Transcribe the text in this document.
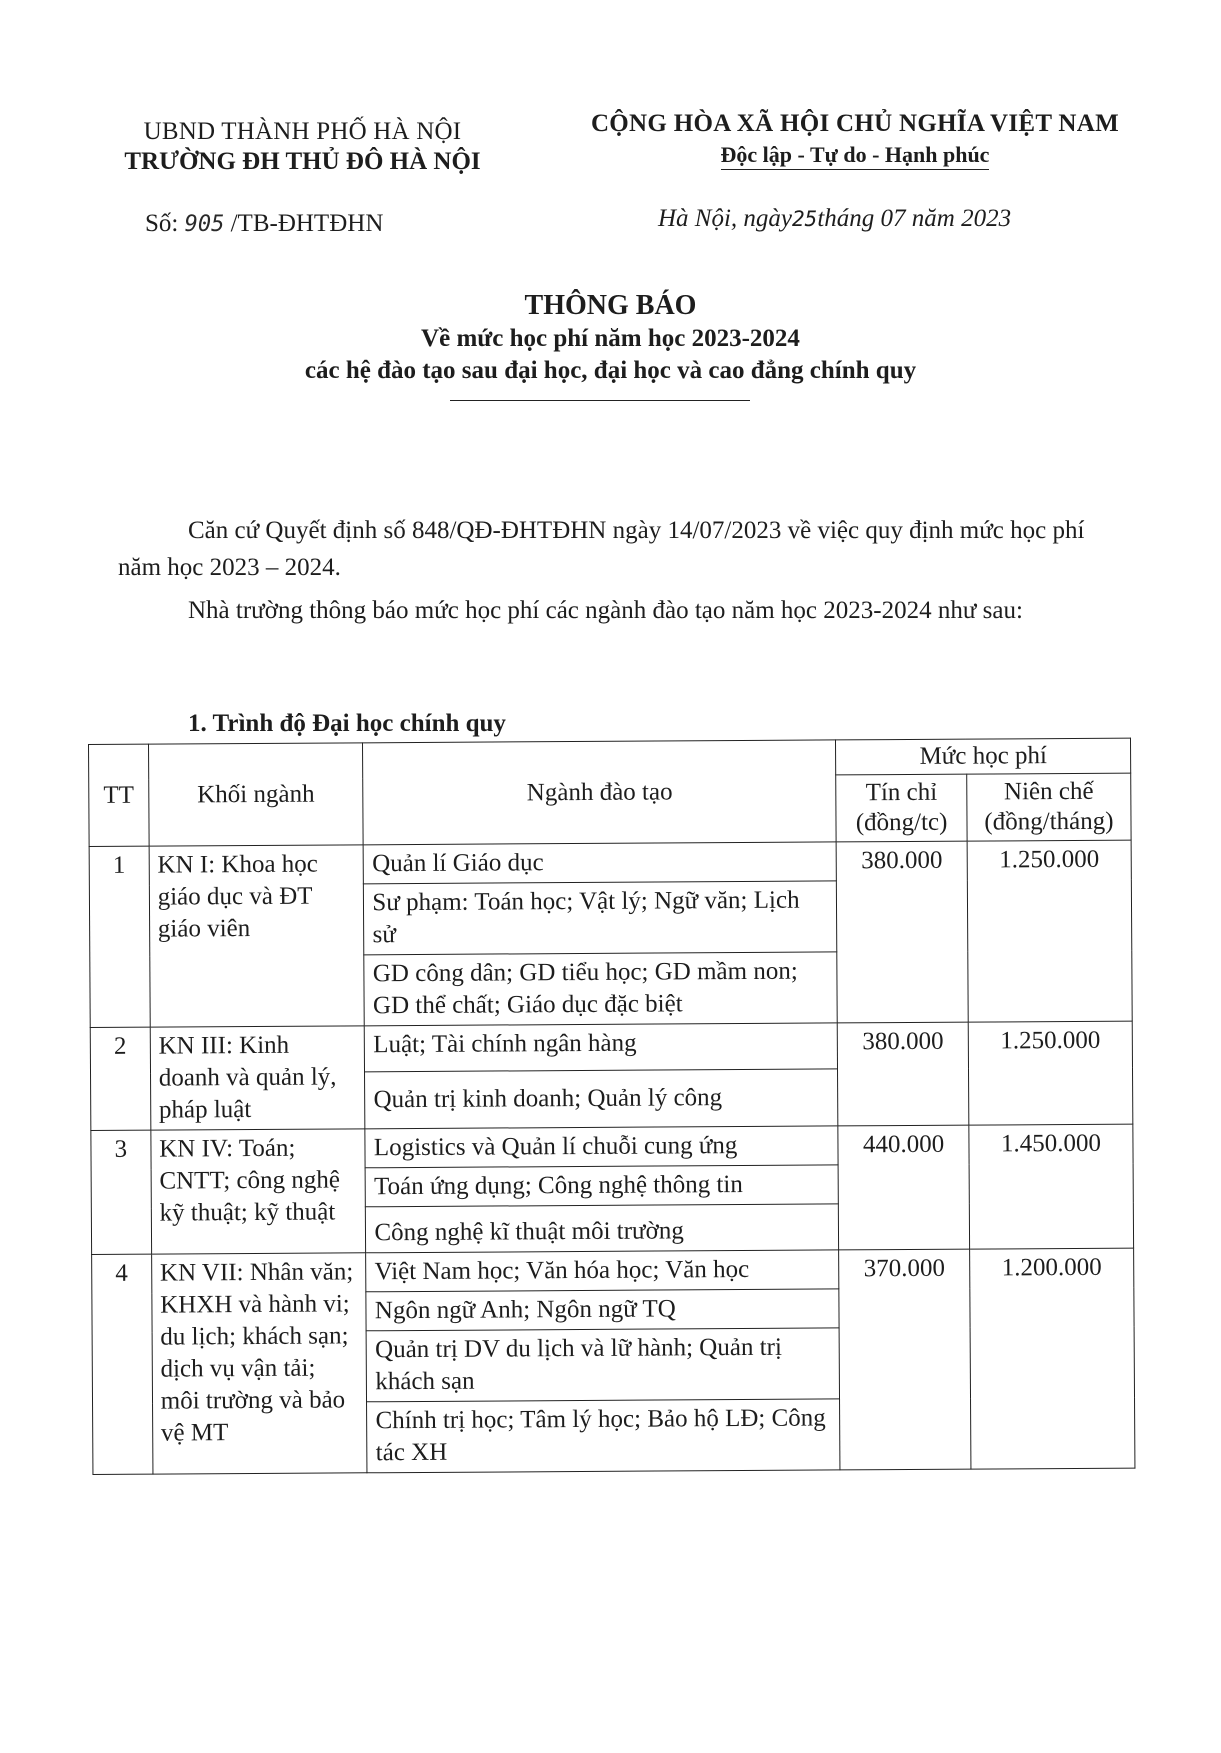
UBND THÀNH PHỐ HÀ NỘI
TRƯỜNG ĐH THỦ ĐÔ HÀ NỘI
CỘNG HÒA XÃ HỘI CHỦ NGHĨA VIỆT NAM
Độc lập - Tự do - Hạnh phúc
Số: 905 /TB-ĐHTĐHN	Hà Nội, ngày25tháng 07 năm 2023
THÔNG BÁO
Về mức học phí năm học 2023-2024
các hệ đào tạo sau đại học, đại học và cao đẳng chính quy
Căn cứ Quyết định số 848/QĐ-ĐHTĐHN ngày 14/07/2023 về việc quy định mức học phí năm học 2023 – 2024.
Nhà trường thông báo mức học phí các ngành đào tạo năm học 2023-2024 như sau:
1. Trình độ Đại học chính quy
TT	Khối ngành	Ngành đào tạo	Mức học phí	
			Tín chỉ (đồng/tc)	Niên chế (đồng/tháng)
1	KN I: Khoa học giáo dục và ĐT giáo viên	Quản lí Giáo dục	380.000	1.250.000
		Sư phạm: Toán học; Vật lý; Ngữ văn; Lịch sử		
		GD công dân; GD tiểu học; GD mầm non; GD thể chất; Giáo dục đặc biệt		
2	KN III: Kinh doanh và quản lý, pháp luật	Luật; Tài chính ngân hàng	380.000	1.250.000
		Quản trị kinh doanh; Quản lý công		
3	KN IV: Toán; CNTT; công nghệ kỹ thuật; kỹ thuật	Logistics và Quản lí chuỗi cung ứng	440.000	1.450.000
		Toán ứng dụng; Công nghệ thông tin		
		Công nghệ kĩ thuật môi trường		
4	KN VII: Nhân văn; KHXH và hành vi; du lịch; khách sạn; dịch vụ vận tải; môi trường và bảo vệ MT	Việt Nam học; Văn hóa học; Văn học	370.000	1.200.000
		Ngôn ngữ Anh; Ngôn ngữ TQ		
		Quản trị DV du lịch và lữ hành; Quản trị khách sạn		
		Chính trị học; Tâm lý học; Bảo hộ LĐ; Công tác XH		
